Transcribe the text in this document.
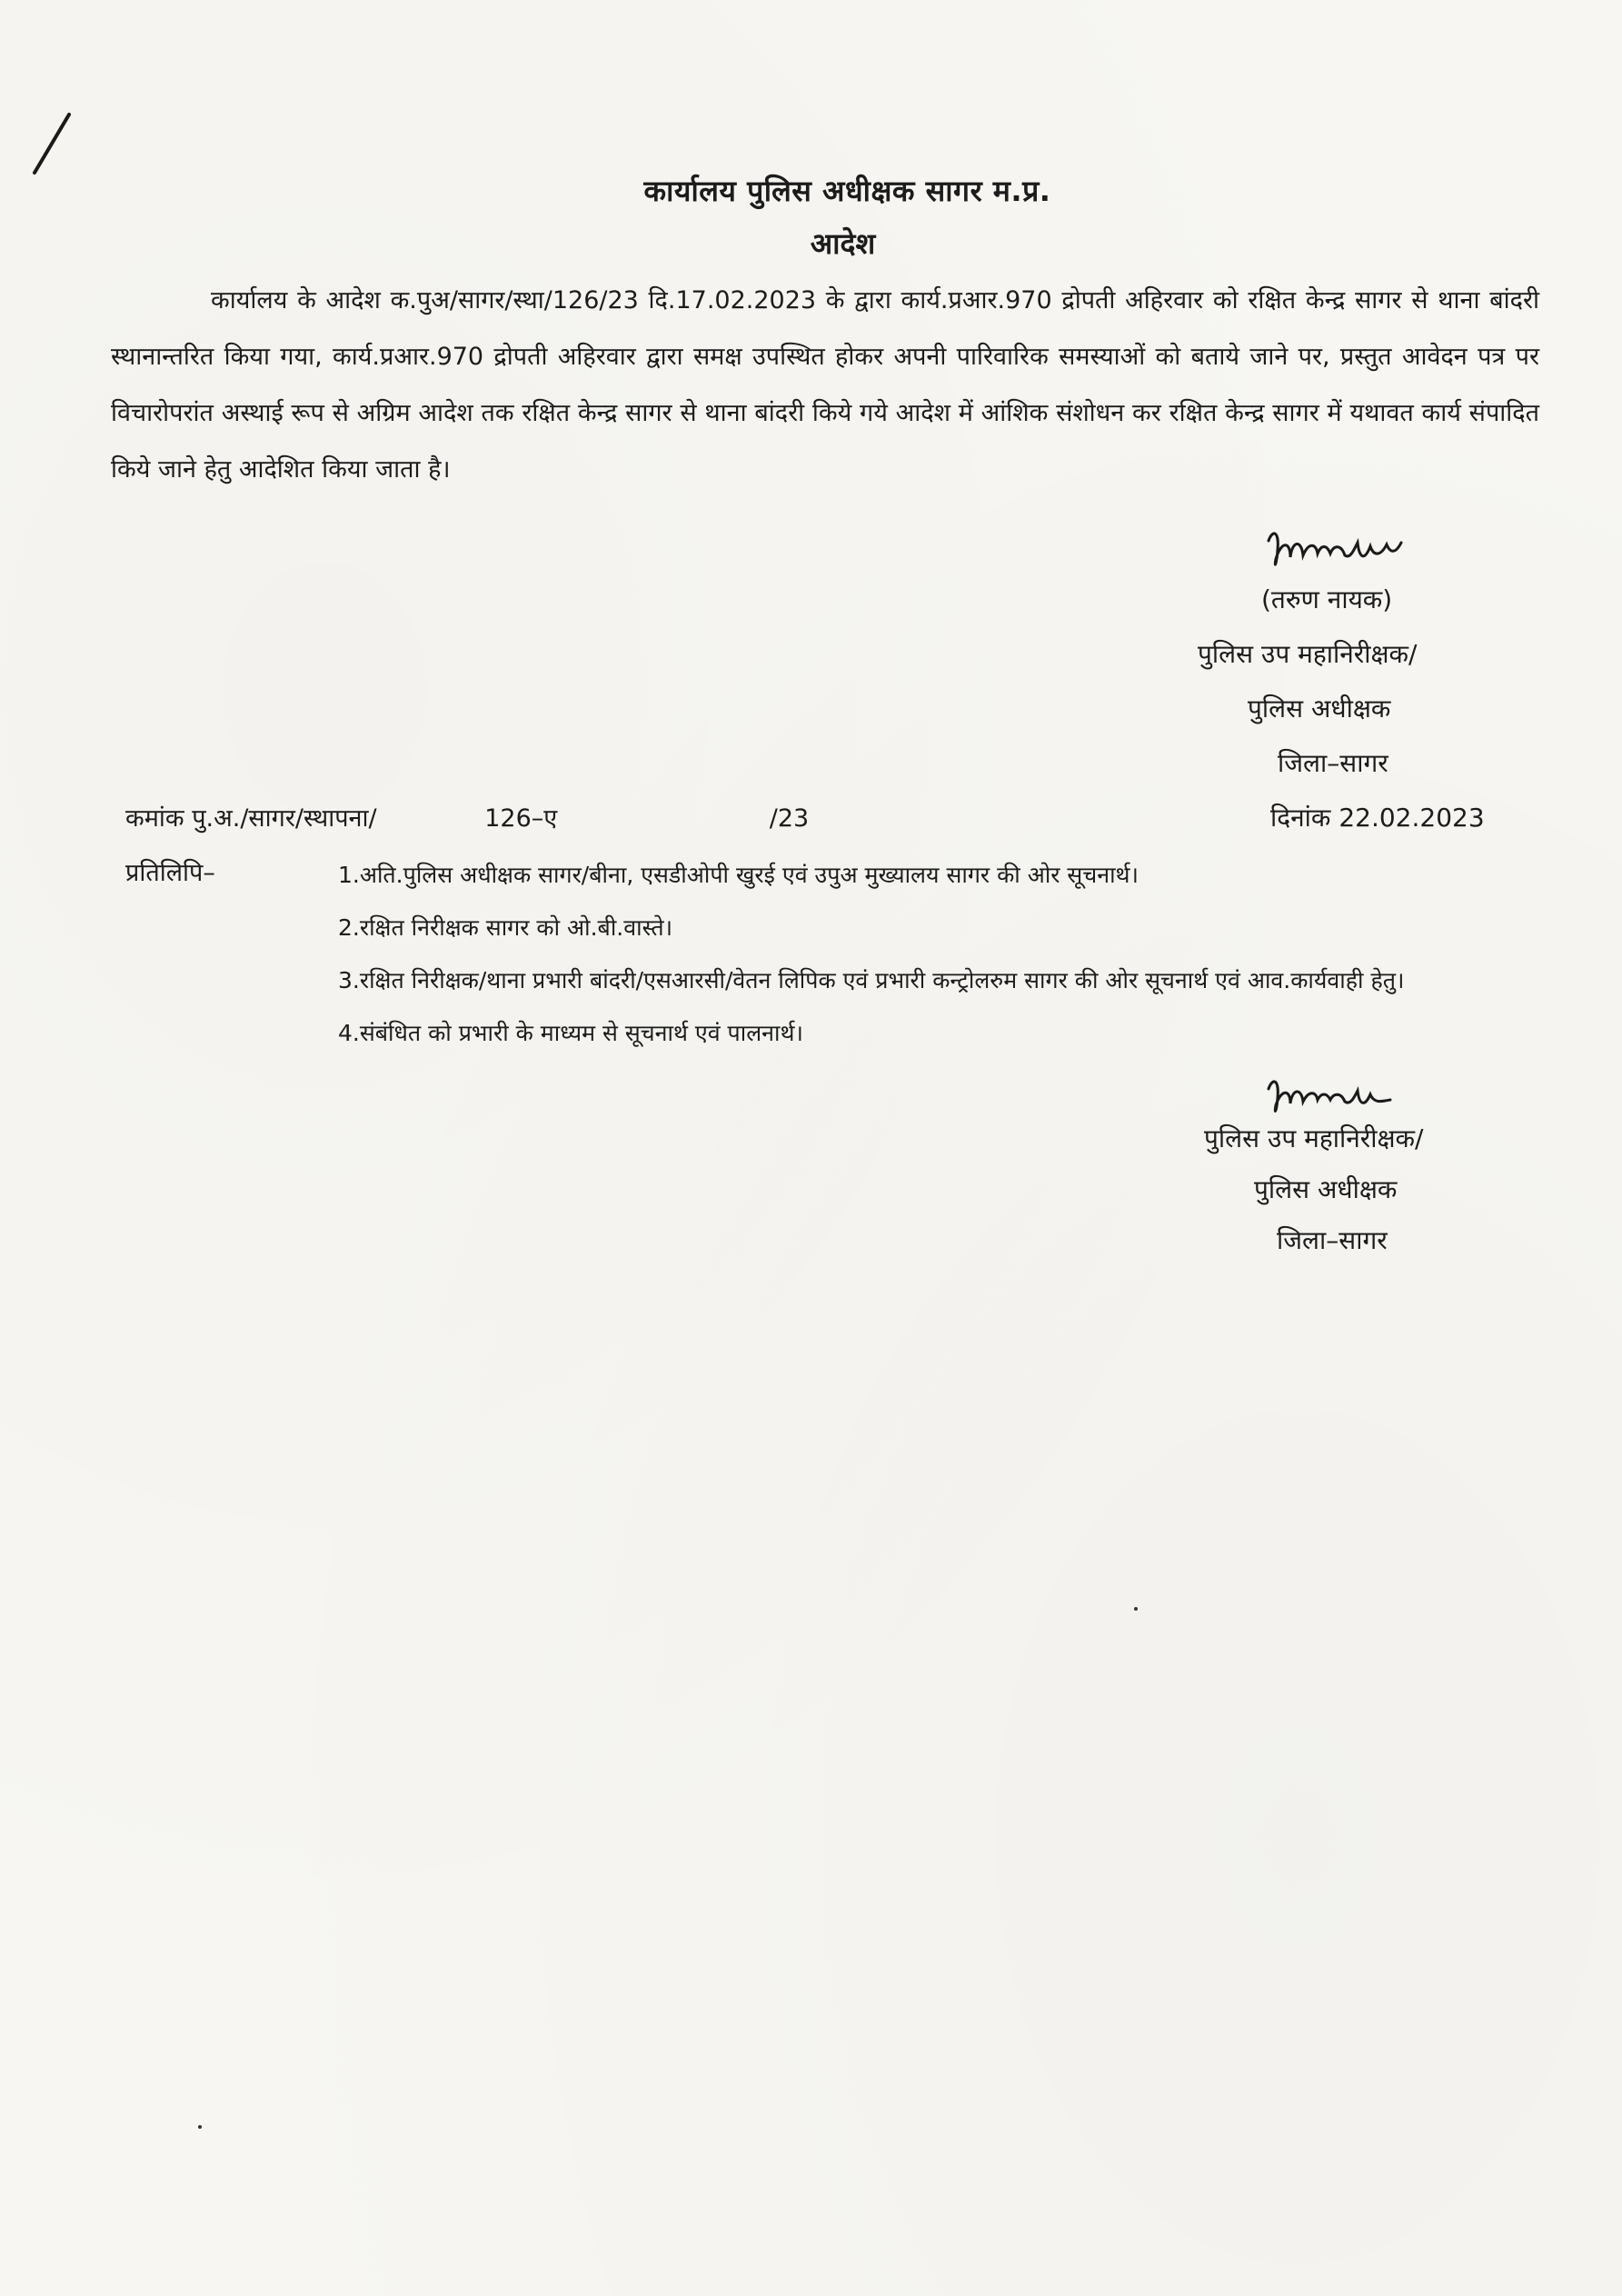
कार्यालय पुलिस अधीक्षक सागर म.प्र.
आदेश

कार्यालय के आदेश क.पुअ/सागर/स्था/126/23 दि.17.02.2023 के द्वारा कार्य.प्रआर.970 द्रोपती अहिरवार को रक्षित केन्द्र सागर से थाना बांदरी स्थानान्तरित किया गया, कार्य.प्रआर.970 द्रोपती अहिरवार द्वारा समक्ष उपस्थित होकर अपनी पारिवारिक समस्याओं को बताये जाने पर, प्रस्तुत आवेदन पत्र पर विचारोपरांत अस्थाई रूप से अग्रिम आदेश तक रक्षित केन्द्र सागर से थाना बांदरी किये गये आदेश में आंशिक संशोधन कर रक्षित केन्द्र सागर में यथावत कार्य संपादित किये जाने हेतु आदेशित किया जाता है।

(तरुण नायक)
पुलिस उप महानिरीक्षक/
पुलिस अधीक्षक
जिला–सागर
दिनांक 22.02.2023
कमांक पु.अ./सागर/स्थापना/	126–ए	/23
प्रतिलिपि–	1.अति.पुलिस अधीक्षक सागर/बीना, एसडीओपी खुरई एवं उपुअ मुख्यालय सागर की ओर सूचनार्थ।
2.रक्षित निरीक्षक सागर को ओ.बी.वास्ते।
3.रक्षित निरीक्षक/थाना प्रभारी बांदरी/एसआरसी/वेतन लिपिक एवं प्रभारी कन्ट्रोलरुम सागर की ओर सूचनार्थ एवं आव.कार्यवाही हेतु।
4.संबंधित को प्रभारी के माध्यम से सूचनार्थ एवं पालनार्थ।
पुलिस उप महानिरीक्षक/
पुलिस अधीक्षक
जिला–सागर
